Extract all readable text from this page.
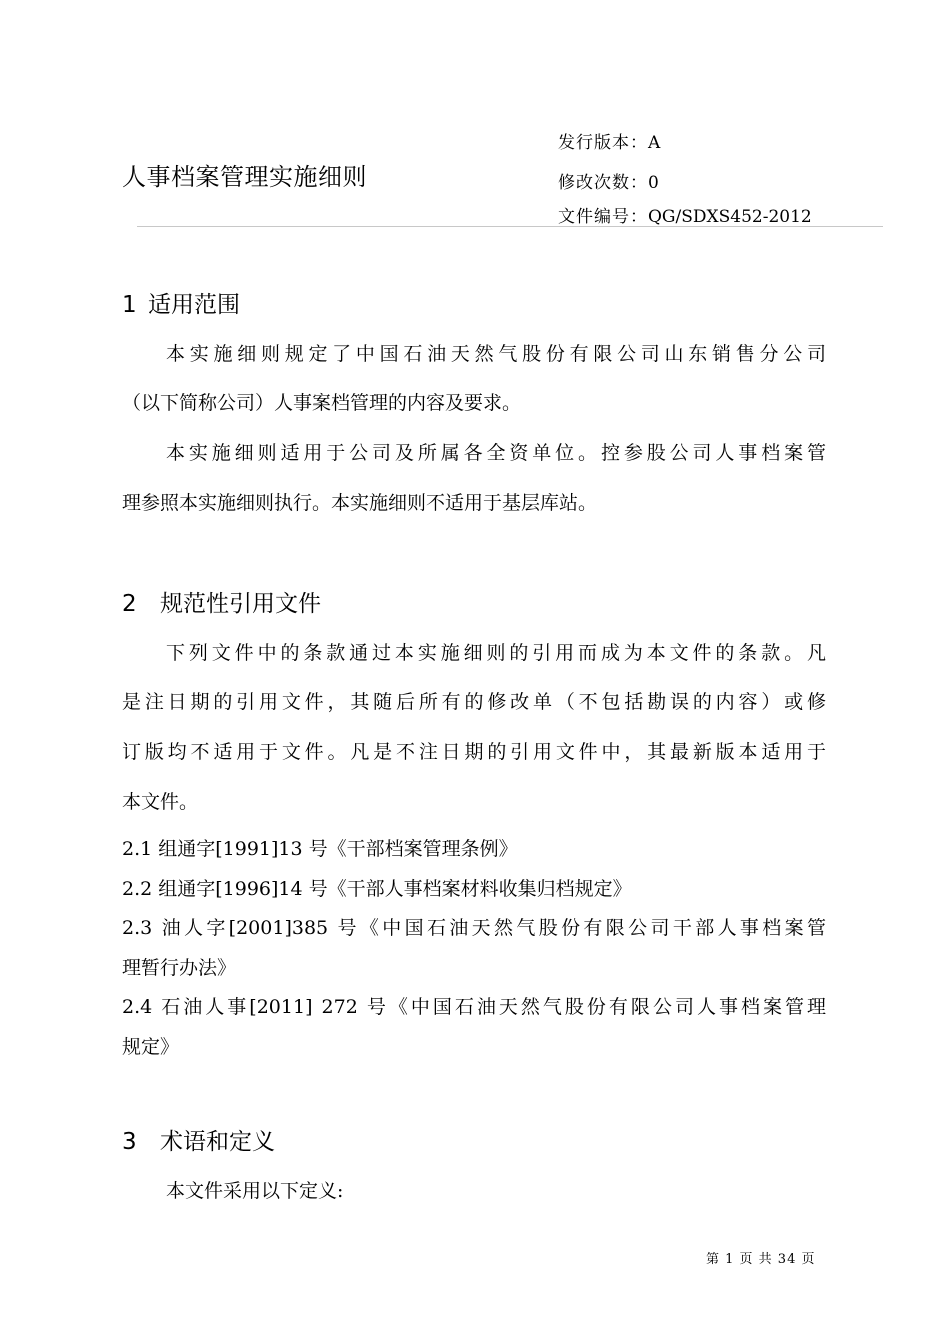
人事档案管理实施细则
发行版本：A
修改次数：0
文件编号：QG/SDXS452-2012
1 适用范围
本实施细则规定了中国石油天然气股份有限公司山东销售分公司
（以下简称公司）人事案档管理的内容及要求。
本实施细则适用于公司及所属各全资单位。控参股公司人事档案管
理参照本实施细则执行。本实施细则不适用于基层库站。
2 规范性引用文件
下列文件中的条款通过本实施细则的引用而成为本文件的条款。凡
是注日期的引用文件，其随后所有的修改单（不包括勘误的内容）或修
订版均不适用于文件。凡是不注日期的引用文件中，其最新版本适用于
本文件。
2.1 组通字[1991]13 号《干部档案管理条例》
2.2 组通字[1996]14 号《干部人事档案材料收集归档规定》
2.3 油人字[2001]385 号《中国石油天然气股份有限公司干部人事档案管
理暂行办法》
2.4 石油人事[2011] 272 号《中国石油天然气股份有限公司人事档案管理
规定》
3 术语和定义
本文件采用以下定义:
第 1 页 共 34 页
